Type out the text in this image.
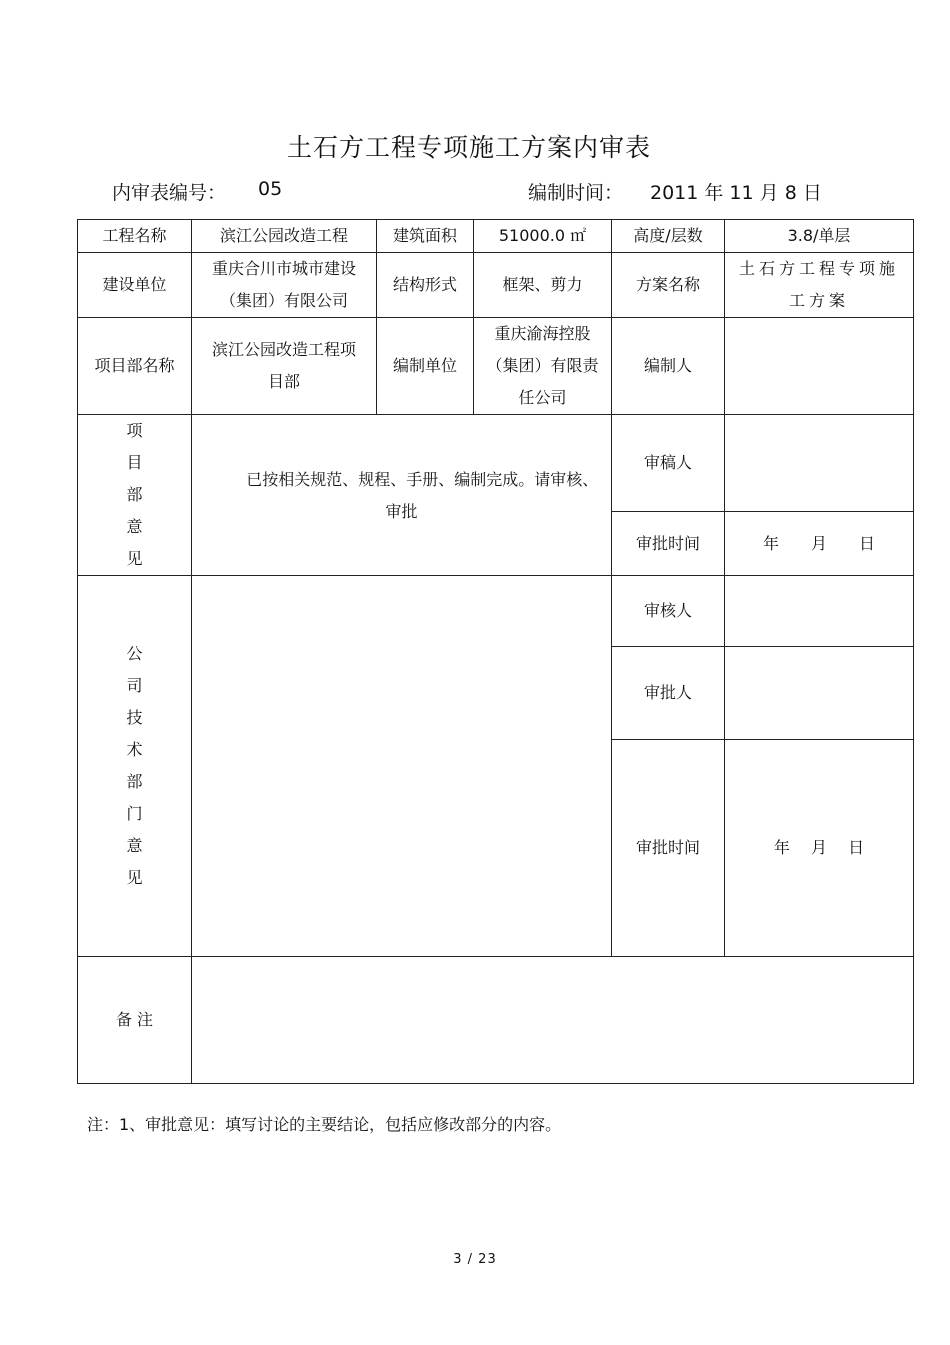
土石方工程专项施工方案内审表
内审表编号： 05	编制时间： 2011 年 11 月 8 日
工程名称	滨江公园改造工程	建筑面积	51000.0 ㎡	高度/层数	3.8/单层
建设单位	重庆合川市城市建设（集团）有限公司	结构形式	框架、剪力	方案名称	土石方工程专项施工方案
项目部名称	滨江公园改造工程项目部	编制单位	重庆渝海控股（集团）有限责任公司	编制人	
项目部意见	已按相关规范、规程、手册、编制完成。请审核、审批			审稿人	
				审批时间	年　　月　　日
公司技术部门意见				审核人	
				审批人	
				审批时间	年　 月　 日
备 注					
注：1、审批意见：填写讨论的主要结论，包括应修改部分的内容。
3 / 23
